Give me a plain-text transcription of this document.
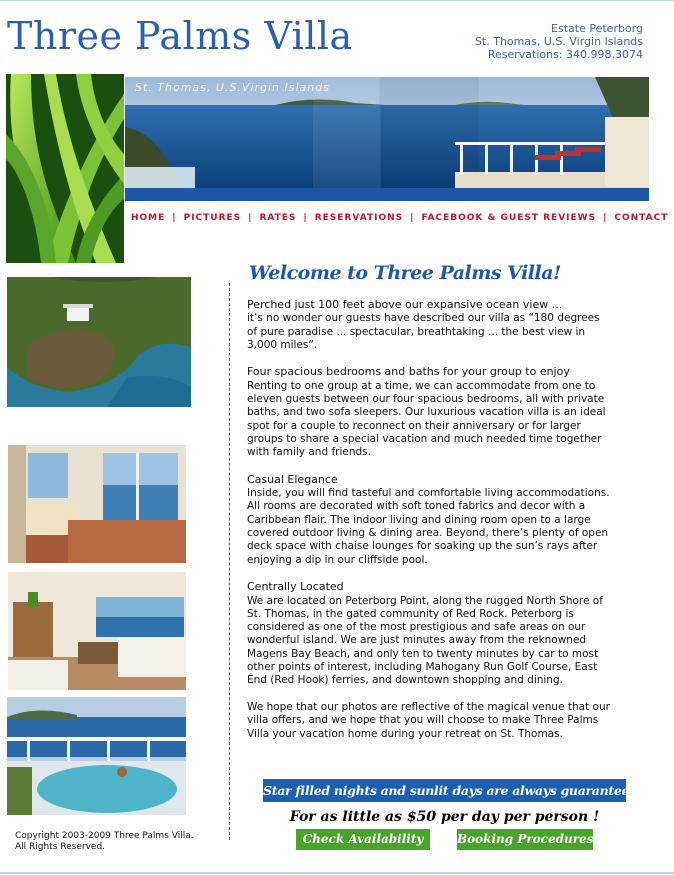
Three Palms Villa	Estate Peterborg
St. Thomas, U.S. Virgin Islands
Reservations: 340.998.3074
St. Thomas, U.S.Virgin Islands
HOME | PICTURES | RATES | RESERVATIONS | FACEBOOK & GUEST REVIEWS | CONTACT
Welcome to Three Palms Villa!

Perched just 100 feet above our expansive ocean view ...
it’s no wonder our guests have described our villa as “180 degrees
of pure paradise ... spectacular, breathtaking ... the best view in
3,000 miles”.

Four spacious bedrooms and baths for your group to enjoy
Renting to one group at a time, we can accommodate from one to
eleven guests between our four spacious bedrooms, all with private
baths, and two sofa sleepers. Our luxurious vacation villa is an ideal
spot for a couple to reconnect on their anniversary or for larger
groups to share a special vacation and much needed time together
with family and friends.

Casual Elegance
Inside, you will find tasteful and comfortable living accommodations.
All rooms are decorated with soft toned fabrics and decor with a
Caribbean flair. The indoor living and dining room open to a large
covered outdoor living & dining area. Beyond, there’s plenty of open
deck space with chaise lounges for soaking up the sun’s rays after
enjoying a dip in our cliffside pool.

Centrally Located
We are located on Peterborg Point, along the rugged North Shore of
St. Thomas, in the gated community of Red Rock. Peterborg is
considered as one of the most prestigious and safe areas on our
wonderful island. We are just minutes away from the reknowned
Magens Bay Beach, and only ten to twenty minutes by car to most
other points of interest, including Mahogany Run Golf Course, East
End (Red Hook) ferries, and downtown shopping and dining.

We hope that our photos are reflective of the magical venue that our
villa offers, and we hope that you will choose to make Three Palms
Villa your vacation home during your retreat on St. Thomas.

Star filled nights and sunlit days are always guaranteed.
For as little as $50 per day per person !
Check Availability	Booking Procedures
Copyright 2003-2009 Three Palms Villa.
All Rights Reserved.
